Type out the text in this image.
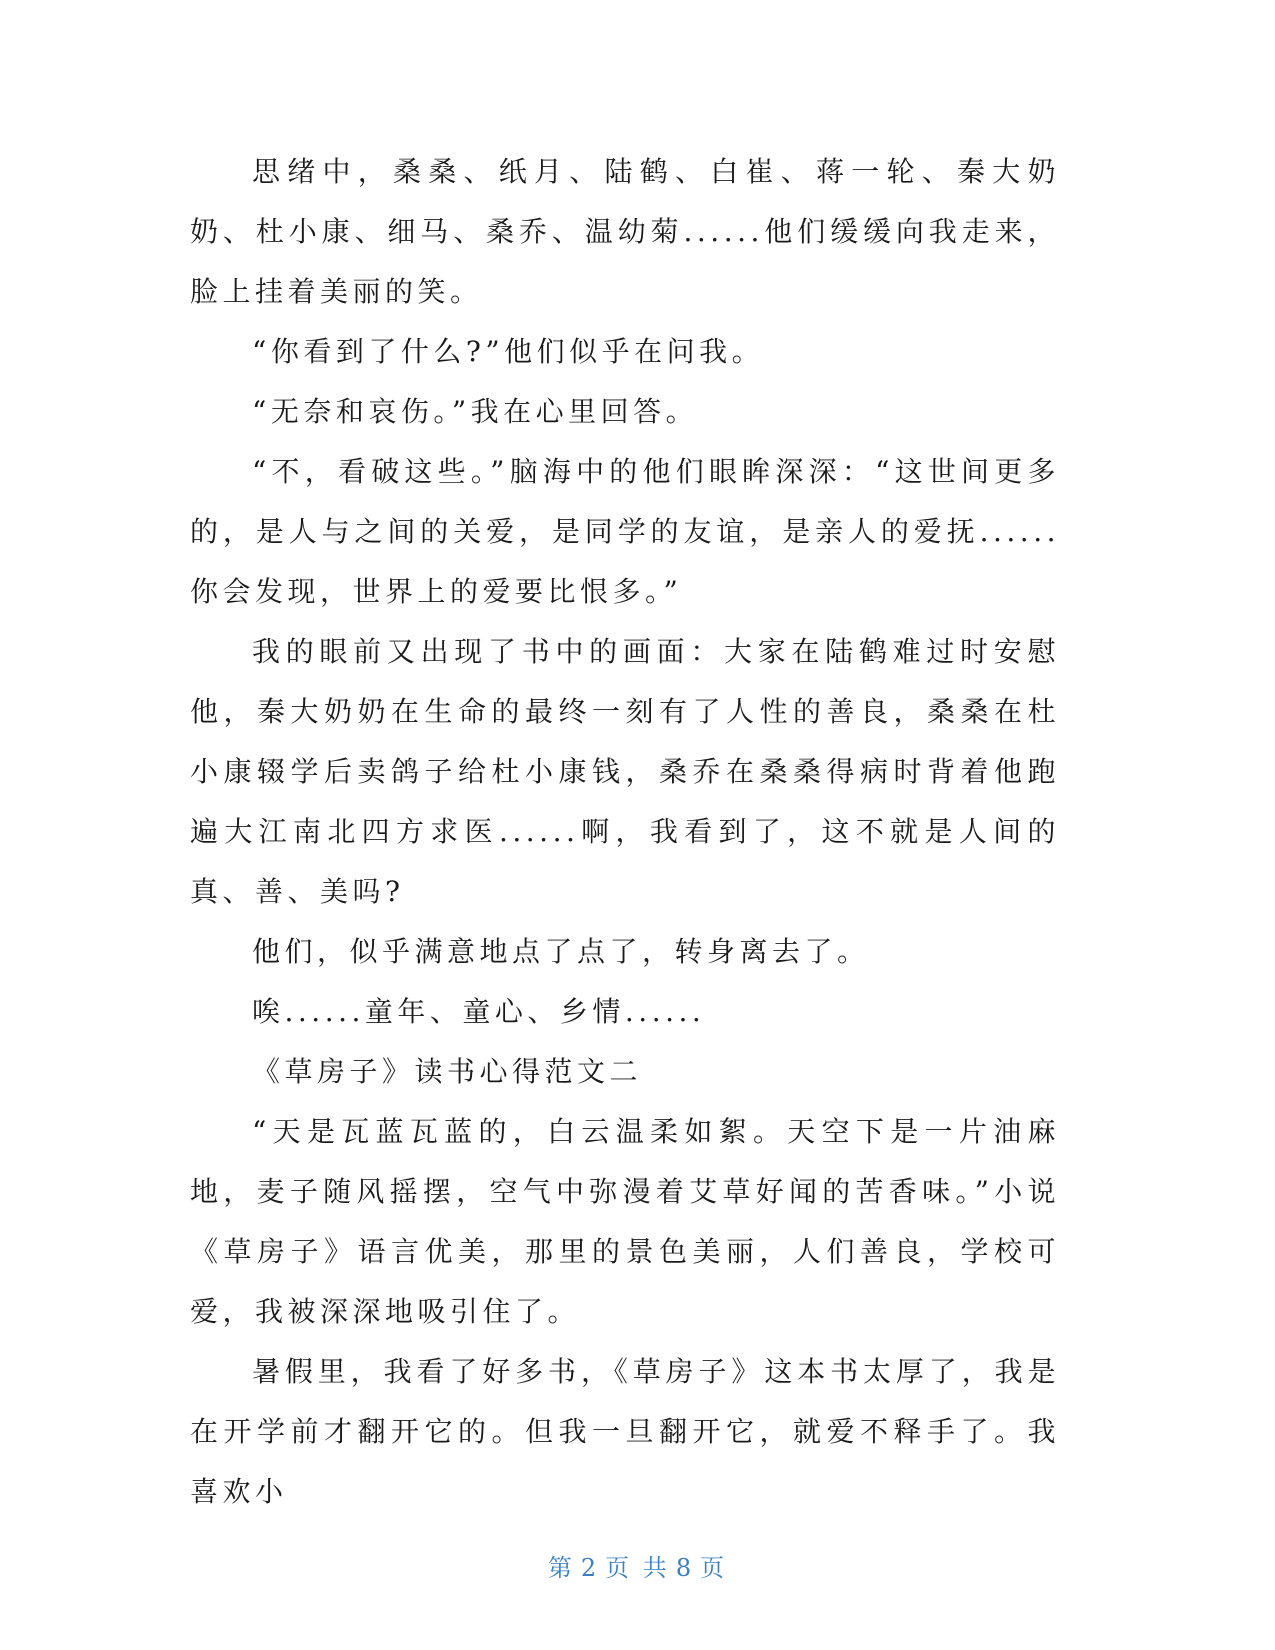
思绪中，桑桑、纸月、陆鹤、白崔、蒋一轮、秦大奶奶、杜小康、细马、桑乔、温幼菊......他们缓缓向我走来，脸上挂着美丽的笑。

“你看到了什么?”他们似乎在问我。

“无奈和哀伤。”我在心里回答。

“不，看破这些。”脑海中的他们眼眸深深：“这世间更多的，是人与之间的关爱，是同学的友谊，是亲人的爱抚......你会发现，世界上的爱要比恨多。”

我的眼前又出现了书中的画面：大家在陆鹤难过时安慰他，秦大奶奶在生命的最终一刻有了人性的善良，桑桑在杜小康辍学后卖鸽子给杜小康钱，桑乔在桑桑得病时背着他跑遍大江南北四方求医......啊，我看到了，这不就是人间的真、善、美吗?

他们，似乎满意地点了点了，转身离去了。

唉......童年、童心、乡情......

《草房子》读书心得范文二

“天是瓦蓝瓦蓝的，白云温柔如絮。天空下是一片油麻地，麦子随风摇摆，空气中弥漫着艾草好闻的苦香味。”小说《草房子》语言优美，那里的景色美丽，人们善良，学校可爱，我被深深地吸引住了。

暑假里，我看了好多书，《草房子》这本书太厚了，我是在开学前才翻开它的。但我一旦翻开它，就爱不释手了。我喜欢小

第 2 页 共 8 页
